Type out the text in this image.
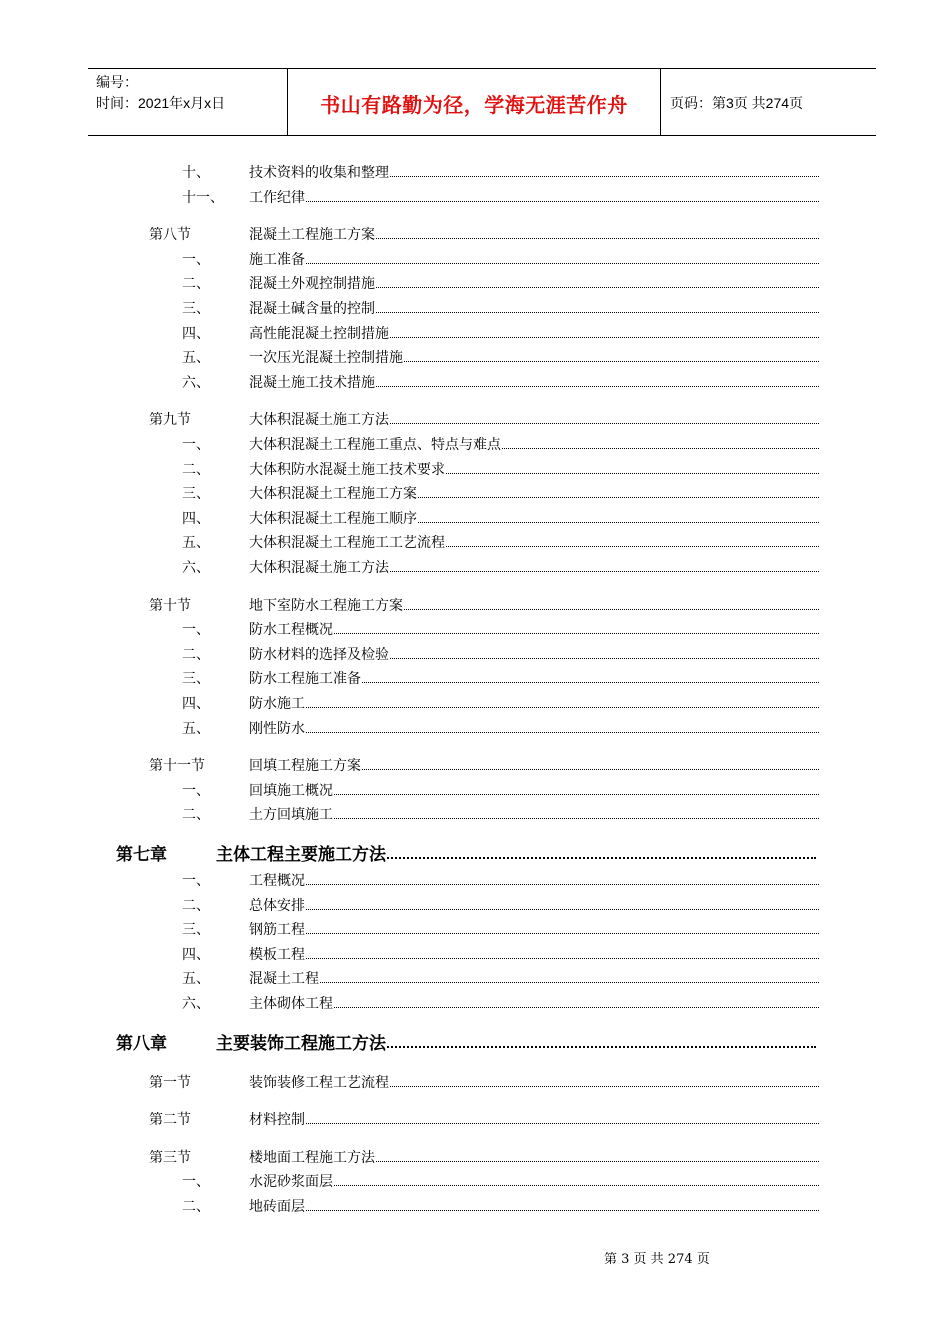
编号：
时间：2021年x月x日	书山有路勤为径，学海无涯苦作舟	页码：第3页 共274页
十、	技术资料的收集和整理
十一、 工作纪律
第八节	混凝土工程施工方案
一、	施工准备
二、	混凝土外观控制措施
三、	混凝土碱含量的控制
四、	高性能混凝土控制措施
五、	一次压光混凝土控制措施
六、	混凝土施工技术措施
第九节	大体积混凝土施工方法
一、	大体积混凝土工程施工重点、特点与难点
二、	大体积防水混凝土施工技术要求
三、	大体积混凝土工程施工方案
四、	大体积混凝土工程施工顺序
五、	大体积混凝土工程施工工艺流程
六、	大体积混凝土施工方法
第十节	地下室防水工程施工方案
一、	防水工程概况
二、	防水材料的选择及检验
三、	防水工程施工准备
四、	防水施工
五、	刚性防水
第十一节	回填工程施工方案
一、	回填施工概况
二、	土方回填施工
第七章	主体工程主要施工方法
一、	工程概况
二、	总体安排
三、	钢筋工程
四、	模板工程
五、	混凝土工程
六、	主体砌体工程
第八章	主要装饰工程施工方法
第一节	装饰装修工程工艺流程
第二节	材料控制
第三节	楼地面工程施工方法
一、	水泥砂浆面层
二、	地砖面层
第 3 页 共 274 页
